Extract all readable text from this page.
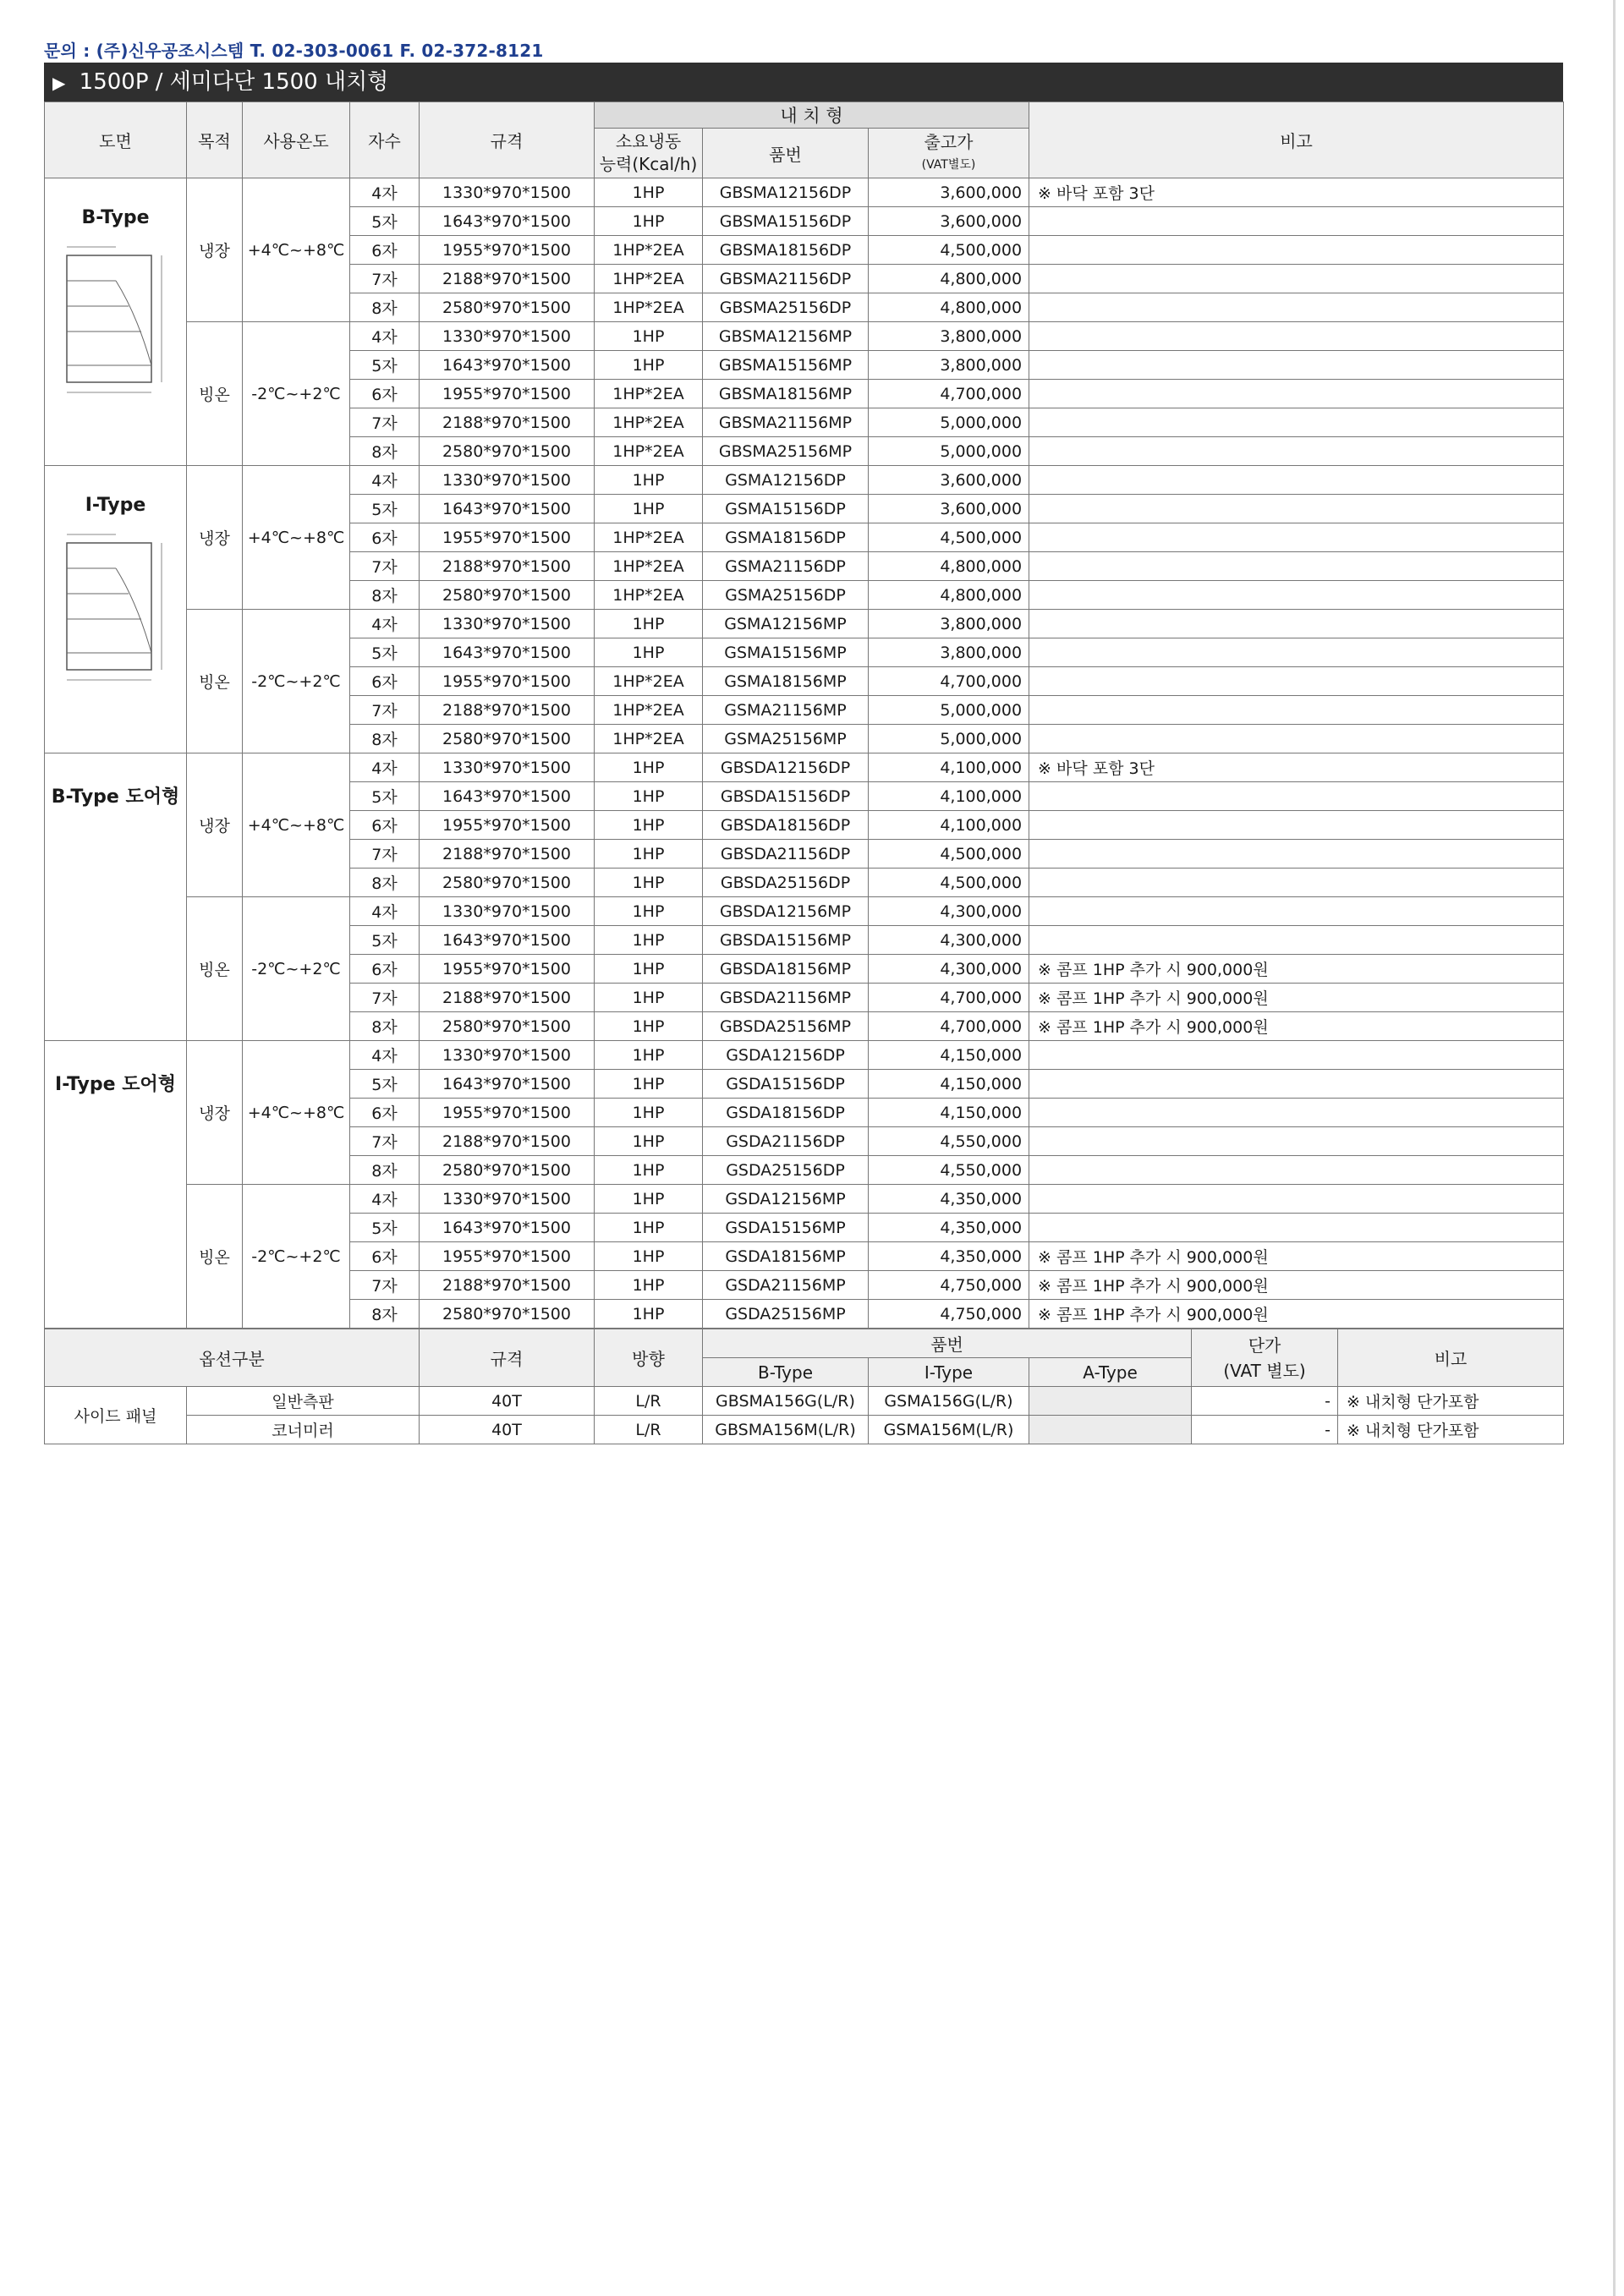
문의 : (주)신우공조시스템 T. 02-303-0061 F. 02-372-8121
▶ 1500P / 세미다단 1500 내치형
도면	목적	사용온도	자수	규격	내 치 형			비고
					소요냉동
능력(Kcal/h)	품번	출고가
(VAT별도)	

B-Type	냉장	+4℃~+8℃	4자	1330*970*1500	1HP	GBSMA12156DP	3,600,000	※ 바닥 포함 3단
			5자	1643*970*1500	1HP	GBSMA15156DP	3,600,000	
			6자	1955*970*1500	1HP*2EA	GBSMA18156DP	4,500,000	
			7자	2188*970*1500	1HP*2EA	GBSMA21156DP	4,800,000	
			8자	2580*970*1500	1HP*2EA	GBSMA25156DP	4,800,000	
	빙온	-2℃~+2℃	4자	1330*970*1500	1HP	GBSMA12156MP	3,800,000	
			5자	1643*970*1500	1HP	GBSMA15156MP	3,800,000	
			6자	1955*970*1500	1HP*2EA	GBSMA18156MP	4,700,000	
			7자	2188*970*1500	1HP*2EA	GBSMA21156MP	5,000,000	
			8자	2580*970*1500	1HP*2EA	GBSMA25156MP	5,000,000	

I-Type	냉장	+4℃~+8℃	4자	1330*970*1500	1HP	GSMA12156DP	3,600,000	
			5자	1643*970*1500	1HP	GSMA15156DP	3,600,000	
			6자	1955*970*1500	1HP*2EA	GSMA18156DP	4,500,000	
			7자	2188*970*1500	1HP*2EA	GSMA21156DP	4,800,000	
			8자	2580*970*1500	1HP*2EA	GSMA25156DP	4,800,000	
	빙온	-2℃~+2℃	4자	1330*970*1500	1HP	GSMA12156MP	3,800,000	
			5자	1643*970*1500	1HP	GSMA15156MP	3,800,000	
			6자	1955*970*1500	1HP*2EA	GSMA18156MP	4,700,000	
			7자	2188*970*1500	1HP*2EA	GSMA21156MP	5,000,000	
			8자	2580*970*1500	1HP*2EA	GSMA25156MP	5,000,000	

B-Type 도어형	냉장	+4℃~+8℃	4자	1330*970*1500	1HP	GBSDA12156DP	4,100,000	※ 바닥 포함 3단
			5자	1643*970*1500	1HP	GBSDA15156DP	4,100,000	
			6자	1955*970*1500	1HP	GBSDA18156DP	4,100,000	
			7자	2188*970*1500	1HP	GBSDA21156DP	4,500,000	
			8자	2580*970*1500	1HP	GBSDA25156DP	4,500,000	
	빙온	-2℃~+2℃	4자	1330*970*1500	1HP	GBSDA12156MP	4,300,000	
			5자	1643*970*1500	1HP	GBSDA15156MP	4,300,000	
			6자	1955*970*1500	1HP	GBSDA18156MP	4,300,000	※ 콤프 1HP 추가 시 900,000원
			7자	2188*970*1500	1HP	GBSDA21156MP	4,700,000	※ 콤프 1HP 추가 시 900,000원
			8자	2580*970*1500	1HP	GBSDA25156MP	4,700,000	※ 콤프 1HP 추가 시 900,000원

I-Type 도어형	냉장	+4℃~+8℃	4자	1330*970*1500	1HP	GSDA12156DP	4,150,000	
			5자	1643*970*1500	1HP	GSDA15156DP	4,150,000	
			6자	1955*970*1500	1HP	GSDA18156DP	4,150,000	
			7자	2188*970*1500	1HP	GSDA21156DP	4,550,000	
			8자	2580*970*1500	1HP	GSDA25156DP	4,550,000	
	빙온	-2℃~+2℃	4자	1330*970*1500	1HP	GSDA12156MP	4,350,000	
			5자	1643*970*1500	1HP	GSDA15156MP	4,350,000	
			6자	1955*970*1500	1HP	GSDA18156MP	4,350,000	※ 콤프 1HP 추가 시 900,000원
			7자	2188*970*1500	1HP	GSDA21156MP	4,750,000	※ 콤프 1HP 추가 시 900,000원
			8자	2580*970*1500	1HP	GSDA25156MP	4,750,000	※ 콤프 1HP 추가 시 900,000원
옵션구분		규격	방향	품번			단가
(VAT 별도)	비고
				B-Type	I-Type	A-Type		
사이드 패널	일반측판	40T	L/R	GBSMA156G(L/R)	GSMA156G(L/R)		-	※ 내치형 단가포함
	코너미러	40T	L/R	GBSMA156M(L/R)	GSMA156M(L/R)		-	※ 내치형 단가포함
